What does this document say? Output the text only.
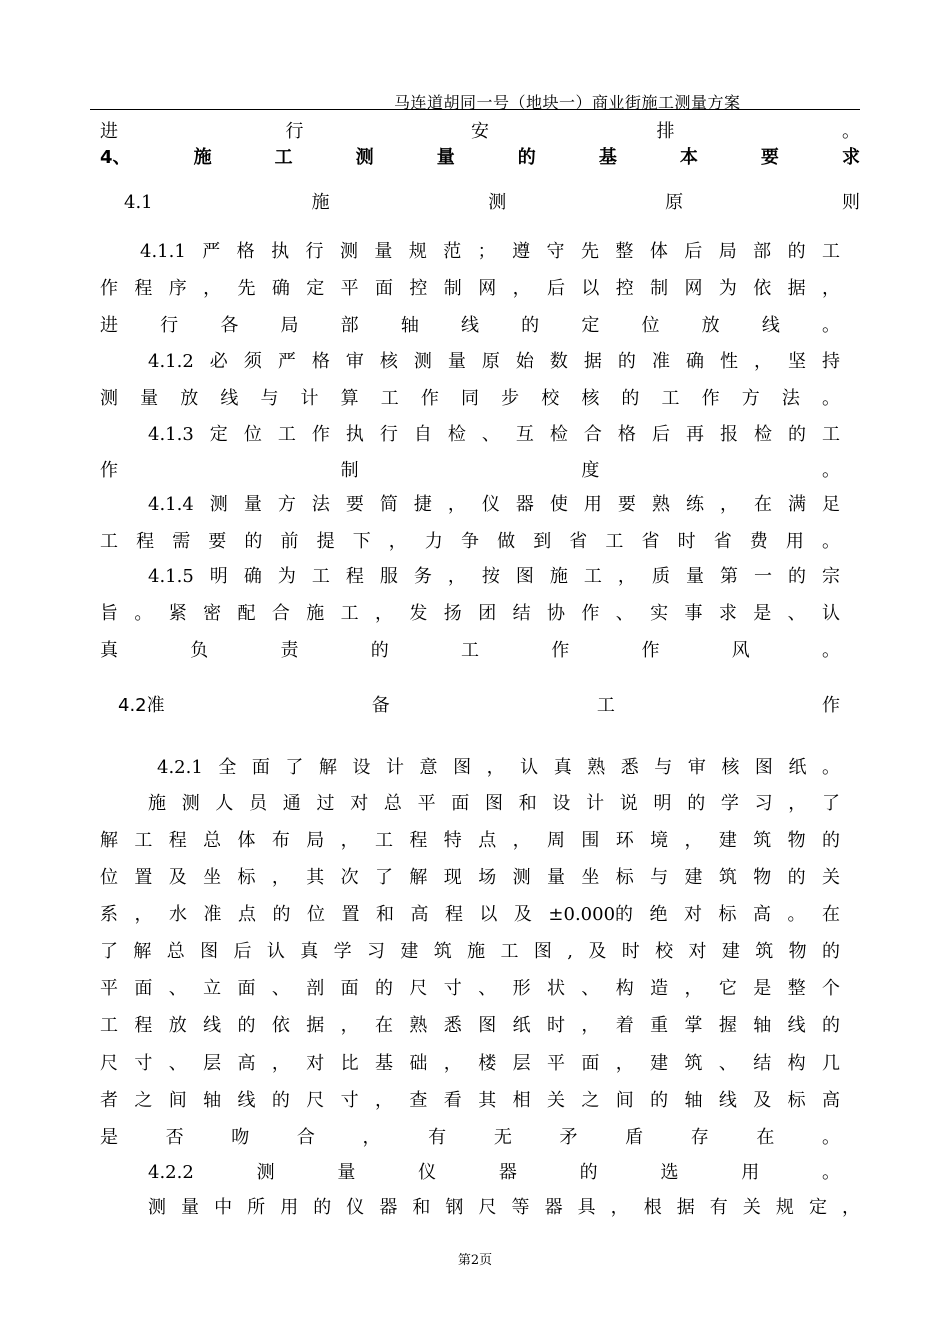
马连道胡同一号（地块一）商业街施工测量方案
进 行 安 排 。
4、 施 工 测 量 的 基 本 要 求
4.1 施 测 原 则
4.1.1 严 格 执 行 测 量 规 范 ； 遵 守 先 整 体 后 局 部 的 工
作 程 序 ， 先 确 定 平 面 控 制 网 ， 后 以 控 制 网 为 依 据 ，
进 行 各 局 部 轴 线 的 定 位 放 线 。
4.1.2 必 须 严 格 审 核 测 量 原 始 数 据 的 准 确 性 ， 坚 持
测 量 放 线 与 计 算 工 作 同 步 校 核 的 工 作 方 法 。
4.1.3 定 位 工 作 执 行 自 检 、 互 检 合 格 后 再 报 检 的 工
作 制 度 。
4.1.4 测 量 方 法 要 简 捷 ， 仪 器 使 用 要 熟 练 ， 在 满 足
工 程 需 要 的 前 提 下 ， 力 争 做 到 省 工 省 时 省 费 用 。
4.1.5 明 确 为 工 程 服 务 ， 按 图 施 工 ， 质 量 第 一 的 宗
旨 。 紧 密 配 合 施 工 ， 发 扬 团 结 协 作 、 实 事 求 是 、 认
真 负 责 的 工 作 作 风 。
4.2准 备 工 作
4.2.1 全 面 了 解 设 计 意 图 ， 认 真 熟 悉 与 审 核 图 纸 。
施 测 人 员 通 过 对 总 平 面 图 和 设 计 说 明 的 学 习 ， 了
解 工 程 总 体 布 局 ， 工 程 特 点 ， 周 围 环 境 ， 建 筑 物 的
位 置 及 坐 标 ， 其 次 了 解 现 场 测 量 坐 标 与 建 筑 物 的 关
系 ， 水 准 点 的 位 置 和 高 程 以 及 ±0.000的 绝 对 标 高 。 在
了 解 总 图 后 认 真 学 习 建 筑 施 工 图 , 及 时 校 对 建 筑 物 的
平 面 、 立 面 、 剖 面 的 尺 寸 、 形 状 、 构 造 ， 它 是 整 个
工 程 放 线 的 依 据 ， 在 熟 悉 图 纸 时 ， 着 重 掌 握 轴 线 的
尺 寸 、 层 高 ， 对 比 基 础 ， 楼 层 平 面 ， 建 筑 、 结 构 几
者 之 间 轴 线 的 尺 寸 ， 查 看 其 相 关 之 间 的 轴 线 及 标 高
是 否 吻 合 ， 有 无 矛 盾 存 在 。
4.2.2 测 量 仪 器 的 选 用 。
测 量 中 所 用 的 仪 器 和 钢 尺 等 器 具 ， 根 据 有 关 规 定 ，
第2页
